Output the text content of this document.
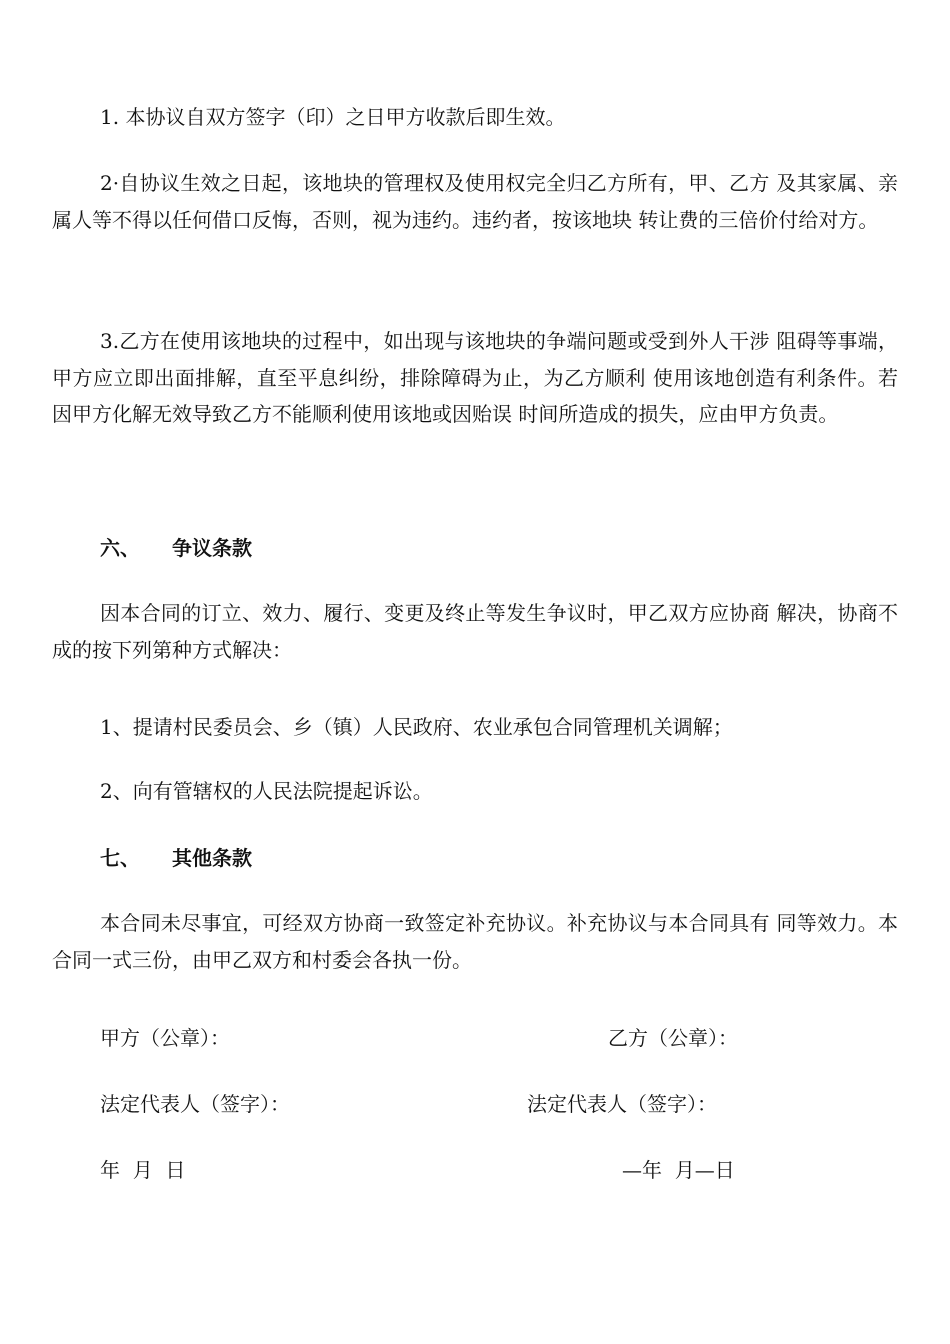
1. 本协议自双方签字（印）之日甲方收款后即生效。

2·自协议生效之日起，该地块的管理权及使用权完全归乙方所有，甲、乙方 及其家属、亲属人等不得以任何借口反悔，否则，视为违约。违约者，按该地块 转让费的三倍价付给对方。

3.乙方在使用该地块的过程中，如出现与该地块的争端问题或受到外人干涉 阻碍等事端，甲方应立即出面排解，直至平息纠纷，排除障碍为止，为乙方顺利 使用该地创造有利条件。若因甲方化解无效导致乙方不能顺利使用该地或因贻误 时间所造成的损失，应由甲方负责。

六、 争议条款

因本合同的订立、效力、履行、变更及终止等发生争议时，甲乙双方应协商 解决，协商不成的按下列第种方式解决：

1、提请村民委员会、乡（镇）人民政府、农业承包合同管理机关调解；

2、向有管辖权的人民法院提起诉讼。

七、 其他条款

本合同未尽事宜，可经双方协商一致签定补充协议。补充协议与本合同具有 同等效力。本合同一式三份，由甲乙双方和村委会各执一份。

甲方（公章）：	乙方（公章）：
法定代表人（签字）：	法定代表人（签字）：
年  月  日	—年  月—日
